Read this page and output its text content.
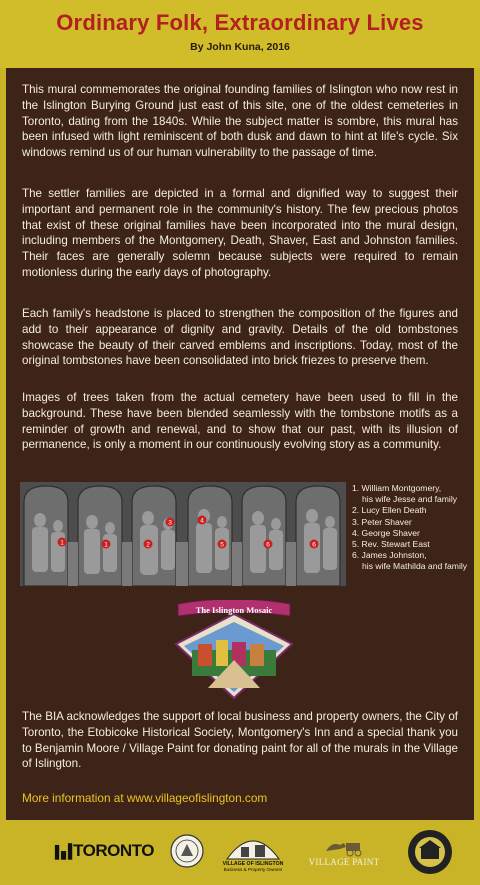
Ordinary Folk, Extraordinary Lives
By John Kuna, 2016

This mural commemorates the original founding families of Islington who now rest in the Islington Burying Ground just east of this site, one of the oldest cemeteries in Toronto, dating from the 1840s. While the subject matter is sombre, this mural has been infused with light reminiscent of both dusk and dawn to hint at life's cycle. Six windows remind us of our human vulnerability to the passage of time.

The settler families are depicted in a formal and dignified way to suggest their important and permanent role in the community's history. The few precious photos that exist of these original families have been incorporated into the mural design, including members of the Montgomery, Death, Shaver, East and Johnston families. Their faces are generally solemn because subjects were required to remain motionless during the early days of photography.

Each family's headstone is placed to strengthen the composition of the figures and add to their appearance of dignity and gravity. Details of the old tombstones showcase the beauty of their carved emblems and inscriptions. Today, most of the original tombstones have been consolidated into brick friezes to preserve them.

Images of trees taken from the actual cemetery have been used to fill in the background. These have been blended seamlessly with the tombstone motifs as a reminder of growth and renewal, and to show that our past, with its illusion of permanence, is only a moment in our continuously evolving story as a community.

1	1	2
3	4
5	6	6
1. William Montgomery,
his wife Jesse and family
2. Lucy Ellen Death
3. Peter Shaver
4. George Shaver
5. Rev. Stewart East
6. James Johnston,
his wife Mathilda and family
The Islington Mosaic

The BIA acknowledges the support of local business and property owners, the City of Toronto, the Etobicoke Historical Society, Montgomery's Inn and a special thank you to Benjamin Moore / Village Paint for donating paint for all of the murals in the Village of Islington.

More information at www.villageofislington.com

TORONTO
VILLAGE OF ISLINGTON
Business & Property Owners
VILLAGE PAINT
